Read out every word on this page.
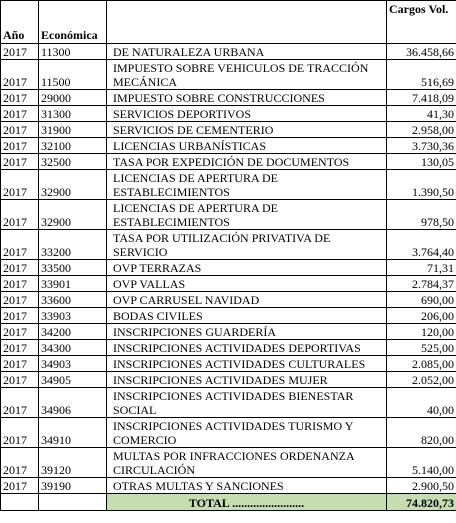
Año	Económica		Cargos Vol.
2017	11300	DE NATURALEZA URBANA	36.458,66
2017	11500	IMPUESTO SOBRE VEHICULOS DE TRACCIÓN MECÁNICA	516,69
2017	29000	IMPUESTO SOBRE CONSTRUCCIONES	7.418,09
2017	31300	SERVICIOS DEPORTIVOS	41,30
2017	31900	SERVICIOS DE CEMENTERIO	2.958,00
2017	32100	LICENCIAS URBANÍSTICAS	3.730,36
2017	32500	TASA POR EXPEDICIÓN DE DOCUMENTOS	130,05
2017	32900	LICENCIAS DE APERTURA DE ESTABLECIMIENTOS	1.390,50
2017	32900	LICENCIAS DE APERTURA DE ESTABLECIMIENTOS	978,50
2017	33200	TASA POR UTILIZACIÓN PRIVATIVA DE SERVICIO	3.764,40
2017	33500	OVP TERRAZAS	71,31
2017	33901	OVP VALLAS	2.784,37
2017	33600	OVP CARRUSEL NAVIDAD	690,00
2017	33903	BODAS CIVILES	206,00
2017	34200	INSCRIPCIONES GUARDERÍA	120,00
2017	34300	INSCRIPCIONES ACTIVIDADES DEPORTIVAS	525,00
2017	34903	INSCRIPCIONES ACTIVIDADES CULTURALES	2.085,00
2017	34905	INSCRIPCIONES ACTIVIDADES MUJER	2.052,00
2017	34906	INSCRIPCIONES ACTIVIDADES BIENESTAR SOCIAL	40,00
2017	34910	INSCRIPCIONES ACTIVIDADES TURISMO Y COMERCIO	820,00
2017	39120	MULTAS POR INFRACCIONES ORDENANZA CIRCULACIÓN	5.140,00
2017	39190	OTRAS MULTAS Y SANCIONES	2.900,50
		TOTAL ........................	74.820,73
